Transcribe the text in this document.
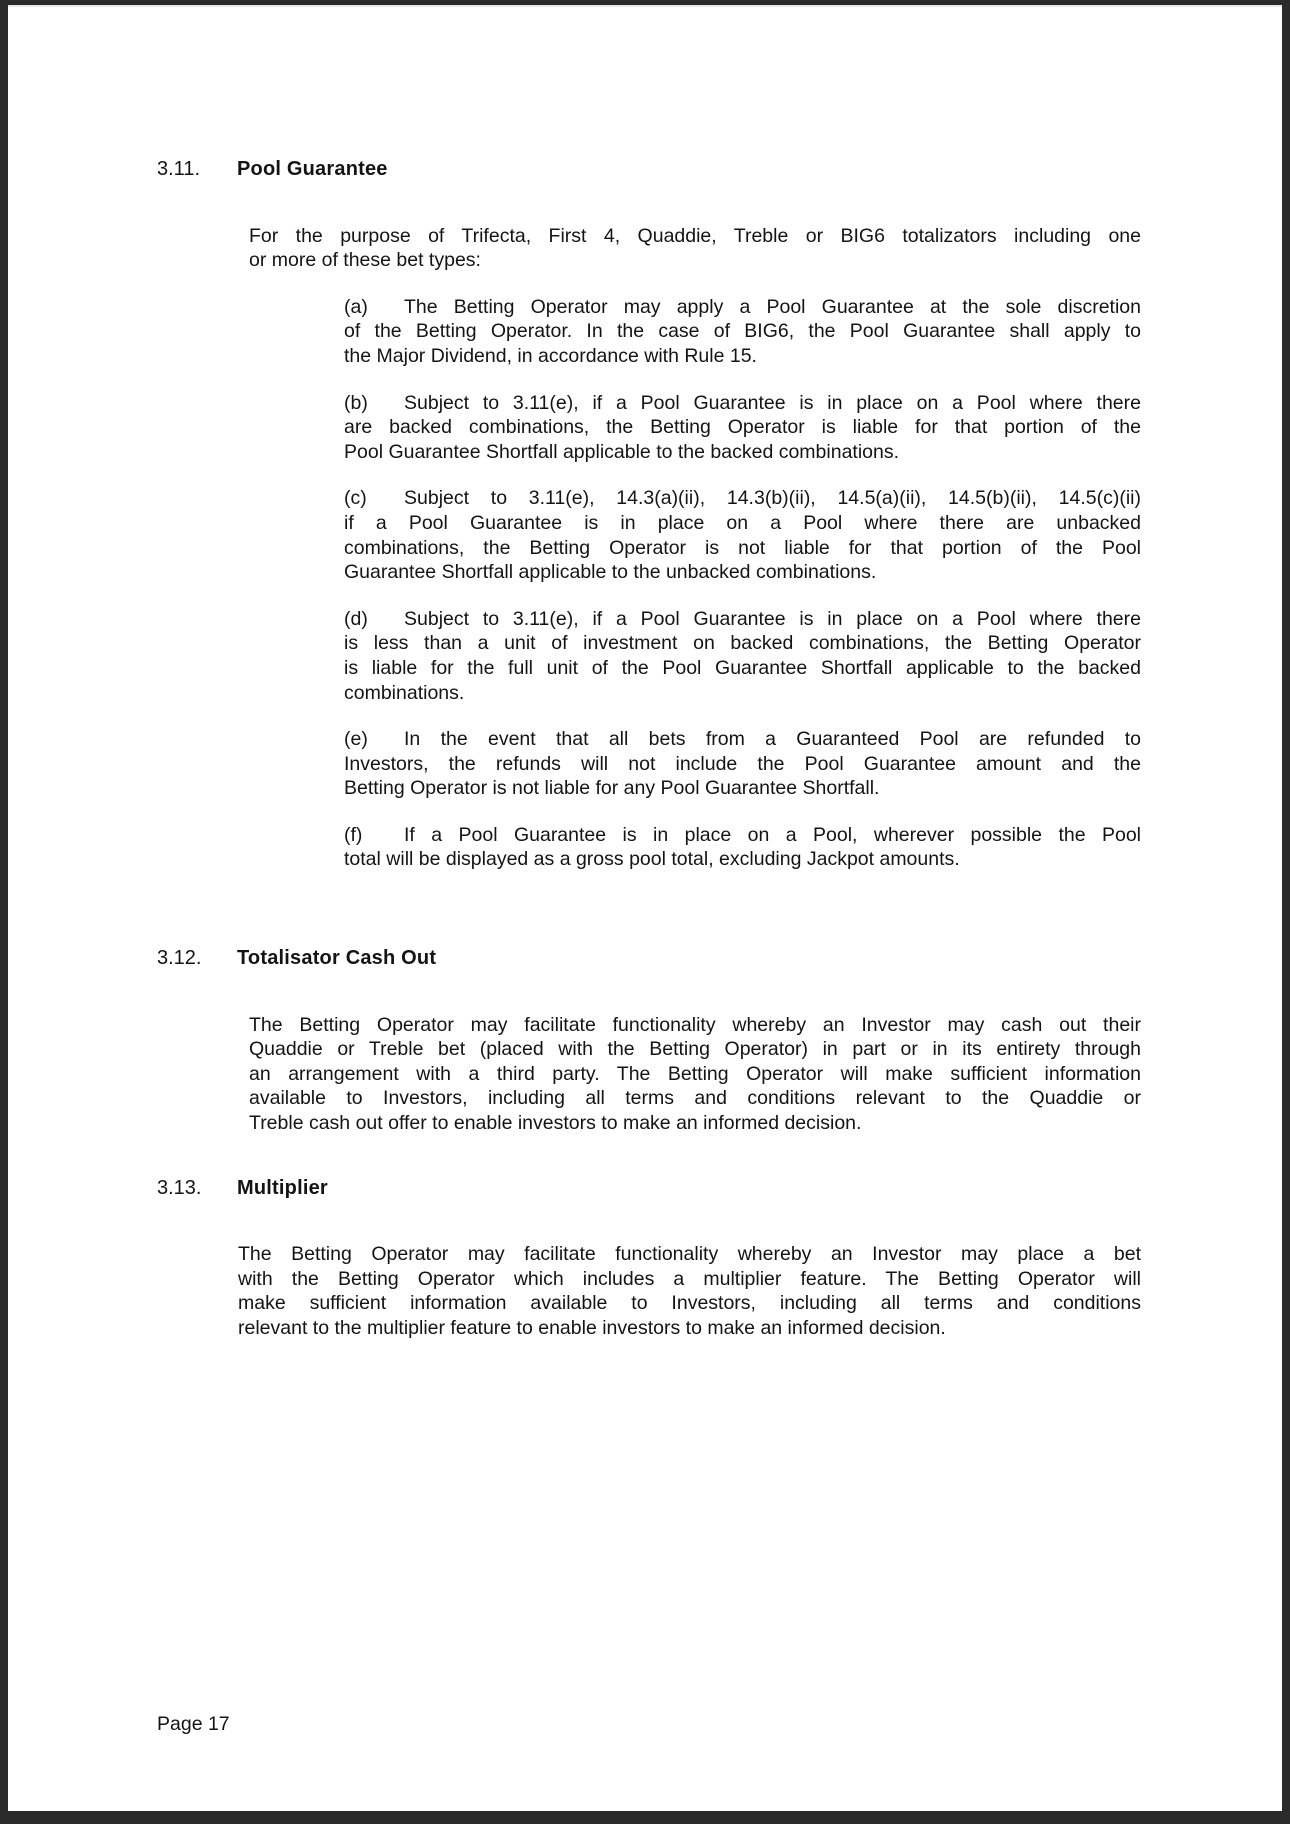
3.11. Pool Guarantee
For the purpose of Trifecta, First 4, Quaddie, Treble or BIG6 totalizators including one
or more of these bet types:
(a)	The Betting Operator may apply a Pool Guarantee at the sole discretion
of the Betting Operator. In the case of BIG6, the Pool Guarantee shall apply to
the Major Dividend, in accordance with Rule 15.
(b)	Subject to 3.11(e), if a Pool Guarantee is in place on a Pool where there
are backed combinations, the Betting Operator is liable for that portion of the
Pool Guarantee Shortfall applicable to the backed combinations.
(c)	Subject to 3.11(e), 14.3(a)(ii), 14.3(b)(ii), 14.5(a)(ii), 14.5(b)(ii), 14.5(c)(ii)
if a Pool Guarantee is in place on a Pool where there are unbacked
combinations, the Betting Operator is not liable for that portion of the Pool
Guarantee Shortfall applicable to the unbacked combinations.
(d)	Subject to 3.11(e), if a Pool Guarantee is in place on a Pool where there
is less than a unit of investment on backed combinations, the Betting Operator
is liable for the full unit of the Pool Guarantee Shortfall applicable to the backed
combinations.
(e)	In the event that all bets from a Guaranteed Pool are refunded to
Investors, the refunds will not include the Pool Guarantee amount and the
Betting Operator is not liable for any Pool Guarantee Shortfall.
(f)	If a Pool Guarantee is in place on a Pool, wherever possible the Pool
total will be displayed as a gross pool total, excluding Jackpot amounts.
3.12. Totalisator Cash Out
The Betting Operator may facilitate functionality whereby an Investor may cash out their
Quaddie or Treble bet (placed with the Betting Operator) in part or in its entirety through
an arrangement with a third party. The Betting Operator will make sufficient information
available to Investors, including all terms and conditions relevant to the Quaddie or
Treble cash out offer to enable investors to make an informed decision.
3.13. Multiplier
The Betting Operator may facilitate functionality whereby an Investor may place a bet
with the Betting Operator which includes a multiplier feature. The Betting Operator will
make sufficient information available to Investors, including all terms and conditions
relevant to the multiplier feature to enable investors to make an informed decision.
Page 17
